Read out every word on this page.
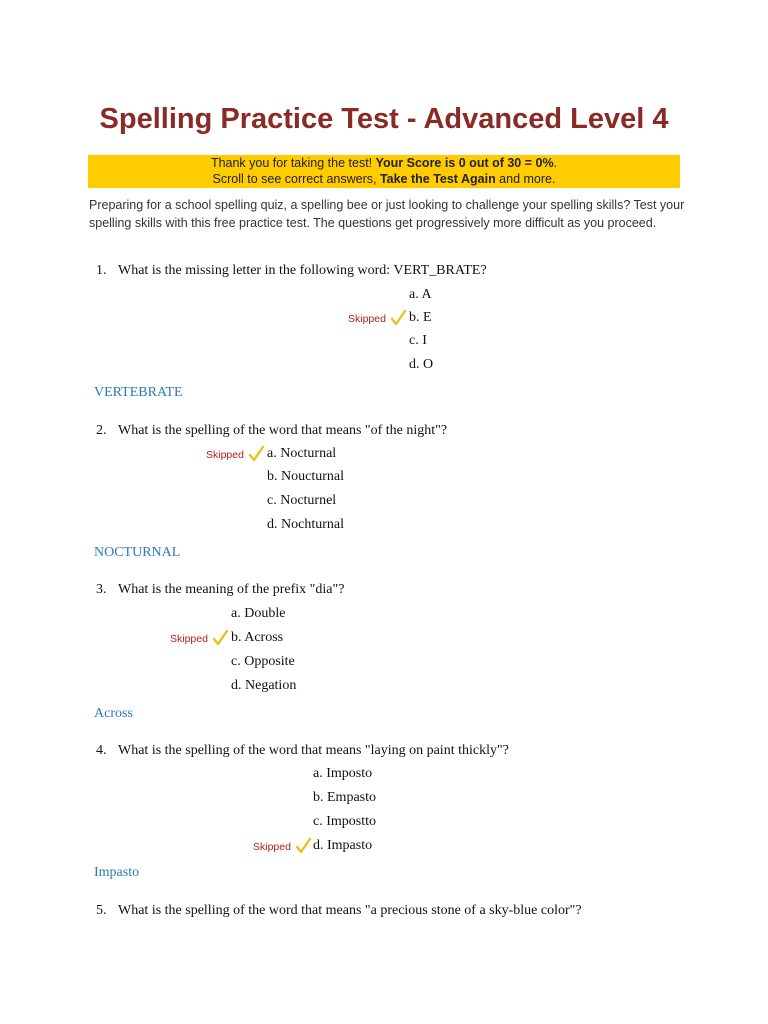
Spelling Practice Test - Advanced Level 4
Thank you for taking the test! Your Score is 0 out of 30 = 0%.
Scroll to see correct answers, Take the Test Again and more.

Preparing for a school spelling quiz, a spelling bee or just looking to challenge your spelling skills? Test your spelling skills with this free practice test. The questions get progressively more difficult as you proceed.

1. What is the missing letter in the following word: VERT_BRATE?
a. A
Skipped b. E
c. I
d. O
VERTEBRATE
2. What is the spelling of the word that means "of the night"?
Skipped a. Nocturnal
b. Noucturnal
c. Nocturnel
d. Nochturnal
NOCTURNAL
3. What is the meaning of the prefix "dia"?
a. Double
Skipped b. Across
c. Opposite
d. Negation
Across
4. What is the spelling of the word that means "laying on paint thickly"?
a. Imposto
b. Empasto
c. Imposttо
Skipped d. Impasto
Impasto
5. What is the spelling of the word that means "a precious stone of a sky-blue color"?
